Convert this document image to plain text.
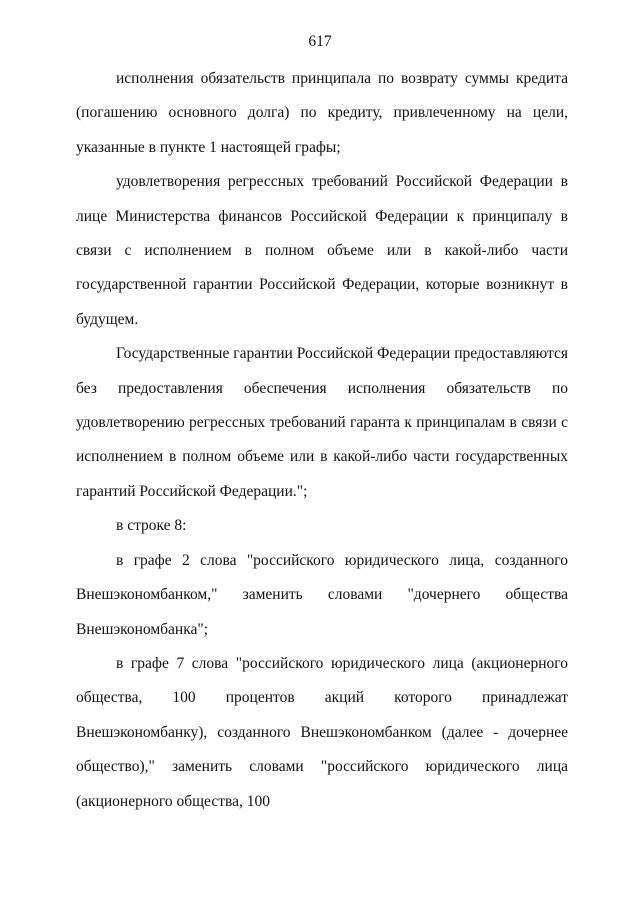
617

исполнения обязательств принципала по возврату суммы кредита (погашению основного долга) по кредиту, привлеченному на цели, указанные в пункте 1 настоящей графы;

удовлетворения регрессных требований Российской Федерации в лице Министерства финансов Российской Федерации к принципалу в связи с исполнением в полном объеме или в какой-либо части государственной гарантии Российской Федерации, которые возникнут в будущем.

Государственные гарантии Российской Федерации предоставляются без предоставления обеспечения исполнения обязательств по удовлетворению регрессных требований гаранта к принципалам в связи с исполнением в полном объеме или в какой-либо части государственных гарантий Российской Федерации.";

в строке 8:

в графе 2 слова "российского юридического лица, созданного Внешэкономбанком," заменить словами "дочернего общества Внешэкономбанка";

в графе 7 слова "российского юридического лица (акционерного общества, 100 процентов акций которого принадлежат Внешэкономбанку), созданного Внешэкономбанком (далее - дочернее общество)," заменить словами "российского юридического лица (акционерного общества, 100
